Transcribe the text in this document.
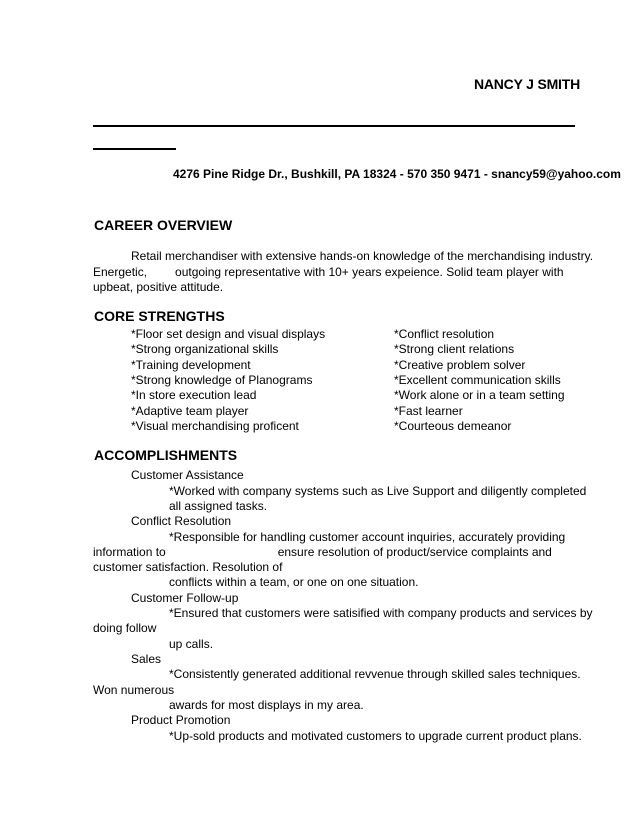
NANCY J SMITH
4276 Pine Ridge Dr., Bushkill, PA 18324 - 570 350 9471 - snancy59@yahoo.com
CAREER OVERVIEW
Retail merchandiser with extensive hands-on knowledge of the merchandising industry.
Energetic, outgoing representative with 10+ years expeience. Solid team player with
upbeat, positive attitude.
CORE STRENGTHS
*Floor set design and visual displays
*Strong organizational skills
*Training development
*Strong knowledge of Planograms
*In store execution lead
*Adaptive team player
*Visual merchandising proficent
*Conflict resolution
*Strong client relations
*Creative problem solver
*Excellent communication skills
*Work alone or in a team setting
*Fast learner
*Courteous demeanor
ACCOMPLISHMENTS
Customer Assistance
*Worked with company systems such as Live Support and diligently completed
all assigned tasks.
Conflict Resolution
*Responsible for handling customer account inquiries, accurately providing
information to	ensure resolution of product/service complaints and
customer satisfaction. Resolution of
conflicts within a team, or one on one situation.
Customer Follow-up
*Ensured that customers were satisified with company products and services by
doing follow
up calls.
Sales
*Consistently generated additional revvenue through skilled sales techniques.
Won numerous
awards for most displays in my area.
Product Promotion
*Up-sold products and motivated customers to upgrade current product plans.
